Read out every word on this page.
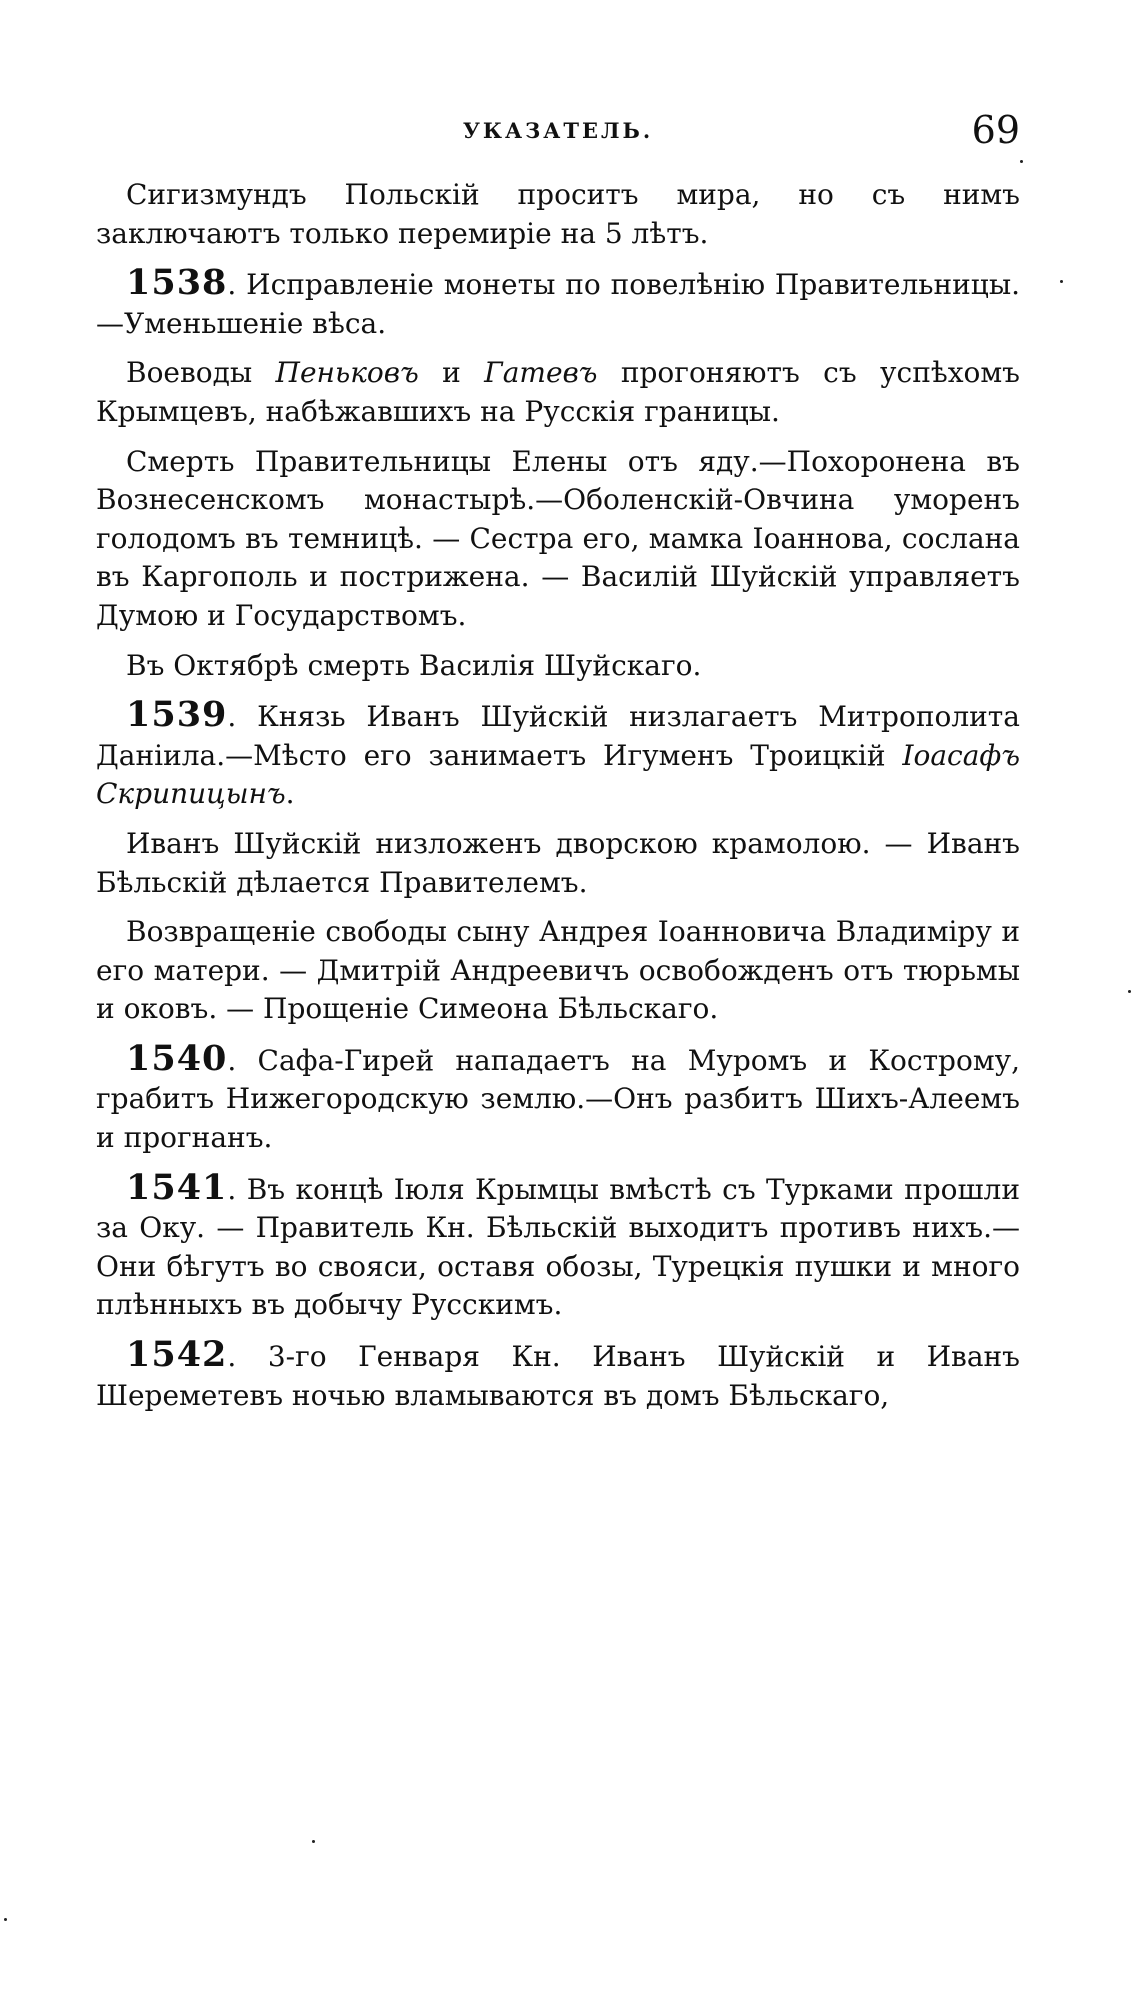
УКАЗАТЕЛЬ.	69

Сигизмундъ Польскій проситъ мира, но съ нимъ заключаютъ только перемиріе на 5 лѣтъ.

1538. Исправленіе монеты по повелѣнію Правительницы.—Уменьшеніе вѣса.

Воеводы Пеньковъ и Гатевъ прогоняютъ съ успѣхомъ Крымцевъ, набѣжавшихъ на Русскія границы.

Смерть Правительницы Елены отъ яду.—Похоронена въ Вознесенскомъ монастырѣ.—Оболенскій-Овчина уморенъ голодомъ въ темницѣ. — Сестра его, мамка Іоаннова, сослана въ Каргополь и пострижена. — Василій Шуйскій управляетъ Думою и Государствомъ.

Въ Октябрѣ смерть Василія Шуйскаго.

1539. Князь Иванъ Шуйскій низлагаетъ Митрополита Даніила.—Мѣсто его занимаетъ Игуменъ Троицкій Іоасафъ Скрипицынъ.

Иванъ Шуйскій низложенъ дворскою крамолою. — Иванъ Бѣльскій дѣлается Правителемъ.

Возвращеніе свободы сыну Андрея Іоанновича Владиміру и его матери. — Дмитрій Андреевичъ освобожденъ отъ тюрьмы и оковъ. — Прощеніе Симеона Бѣльскаго.

1540. Сафа-Гирей нападаетъ на Муромъ и Кострому, грабитъ Нижегородскую землю.—Онъ разбитъ Шихъ-Алеемъ и прогнанъ.

1541. Въ концѣ Іюля Крымцы вмѣстѣ съ Турками прошли за Оку. — Правитель Кн. Бѣльскій выходитъ противъ нихъ.—Они бѣгутъ во свояси, оставя обозы, Турецкія пушки и много плѣнныхъ въ добычу Русскимъ.

1542. 3-го Генваря Кн. Иванъ Шуйскій и Иванъ Шереметевъ ночью вламываются въ домъ Бѣльскаго,
